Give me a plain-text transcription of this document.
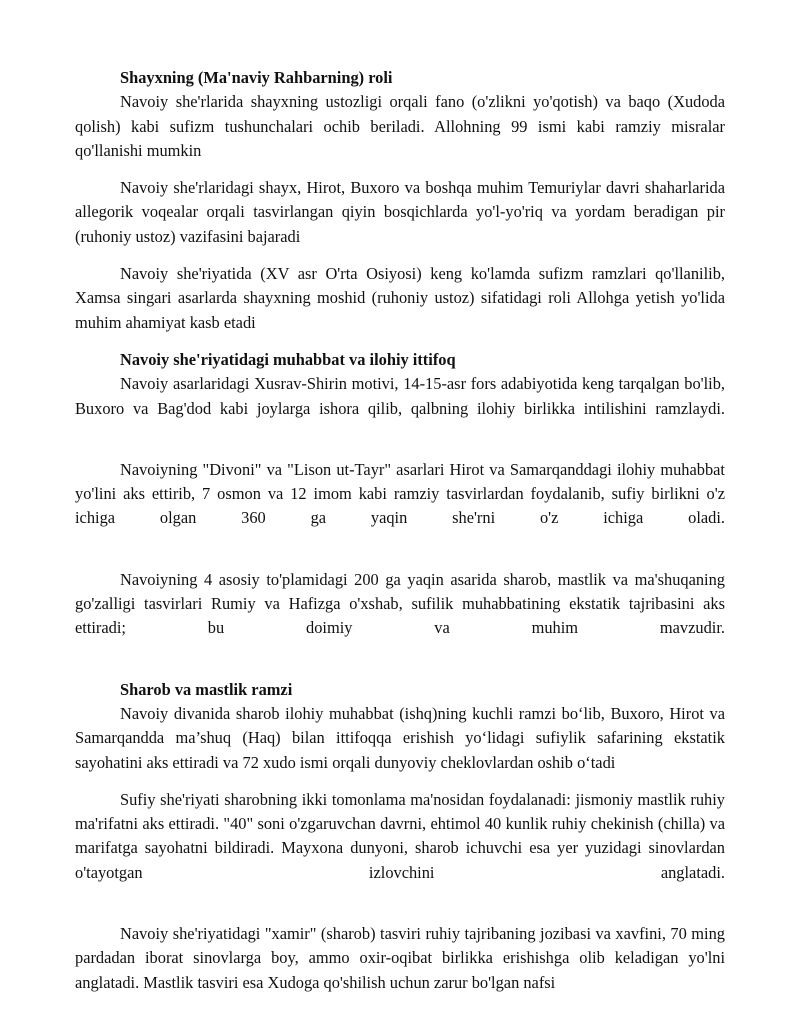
Shayxning (Ma'naviy Rahbarning) roli

Navoiy she'rlarida shayxning ustozligi orqali fano (o'zlikni yo'qotish) va baqo (Xudoda qolish) kabi sufizm tushunchalari ochib beriladi. Allohning 99 ismi kabi ramziy misralar qo'llanishi mumkin

Navoiy she'rlaridagi shayx, Hirot, Buxoro va boshqa muhim Temuriylar davri shaharlarida allegorik voqealar orqali tasvirlangan qiyin bosqichlarda yo'l-yo'riq va yordam beradigan pir (ruhoniy ustoz) vazifasini bajaradi

Navoiy she'riyatida (XV asr O'rta Osiyosi) keng ko'lamda sufizm ramzlari qo'llanilib, Xamsa singari asarlarda shayxning moshid (ruhoniy ustoz) sifatidagi roli Allohga yetish yo'lida muhim ahamiyat kasb etadi

Navoiy she'riyatidagi muhabbat va ilohiy ittifoq

Navoiy asarlaridagi Xusrav-Shirin motivi, 14-15-asr fors adabiyotida keng tarqalgan bo'lib, Buxoro va Bag'dod kabi joylarga ishora qilib, qalbning ilohiy birlikka intilishini ramzlaydi.

Navoiyning "Divoni" va "Lison ut-Tayr" asarlari Hirot va Samarqanddagi ilohiy muhabbat yo'lini aks ettirib, 7 osmon va 12 imom kabi ramziy tasvirlardan foydalanib, sufiy birlikni o'z ichiga olgan 360 ga yaqin she'rni o'z ichiga oladi.

Navoiyning 4 asosiy to'plamidagi 200 ga yaqin asarida sharob, mastlik va ma'shuqaning go'zalligi tasvirlari Rumiy va Hafizga o'xshab, sufilik muhabbatining ekstatik tajribasini aks ettiradi; bu doimiy va muhim mavzudir.

Sharob va mastlik ramzi

Navoiy divanida sharob ilohiy muhabbat (ishq)ning kuchli ramzi bo‘lib, Buxoro, Hirot va Samarqandda ma’shuq (Haq) bilan ittifoqqa erishish yo‘lidagi sufiylik safarining ekstatik sayohatini aks ettiradi va 72 xudo ismi orqali dunyoviy cheklovlardan oshib o‘tadi

Sufiy she'riyati sharobning ikki tomonlama ma'nosidan foydalanadi: jismoniy mastlik ruhiy ma'rifatni aks ettiradi. "40" soni o'zgaruvchan davrni, ehtimol 40 kunlik ruhiy chekinish (chilla) va marifatga sayohatni bildiradi. Mayxona dunyoni, sharob ichuvchi esa yer yuzidagi sinovlardan o'tayotgan izlovchini anglatadi.

Navoiy she'riyatidagi "xamir" (sharob) tasviri ruhiy tajribaning jozibasi va xavfini, 70 ming pardadan iborat sinovlarga boy, ammo oxir-oqibat birlikka erishishga olib keladigan yo'lni anglatadi. Mastlik tasviri esa Xudoga qo'shilish uchun zarur bo'lgan nafsi
